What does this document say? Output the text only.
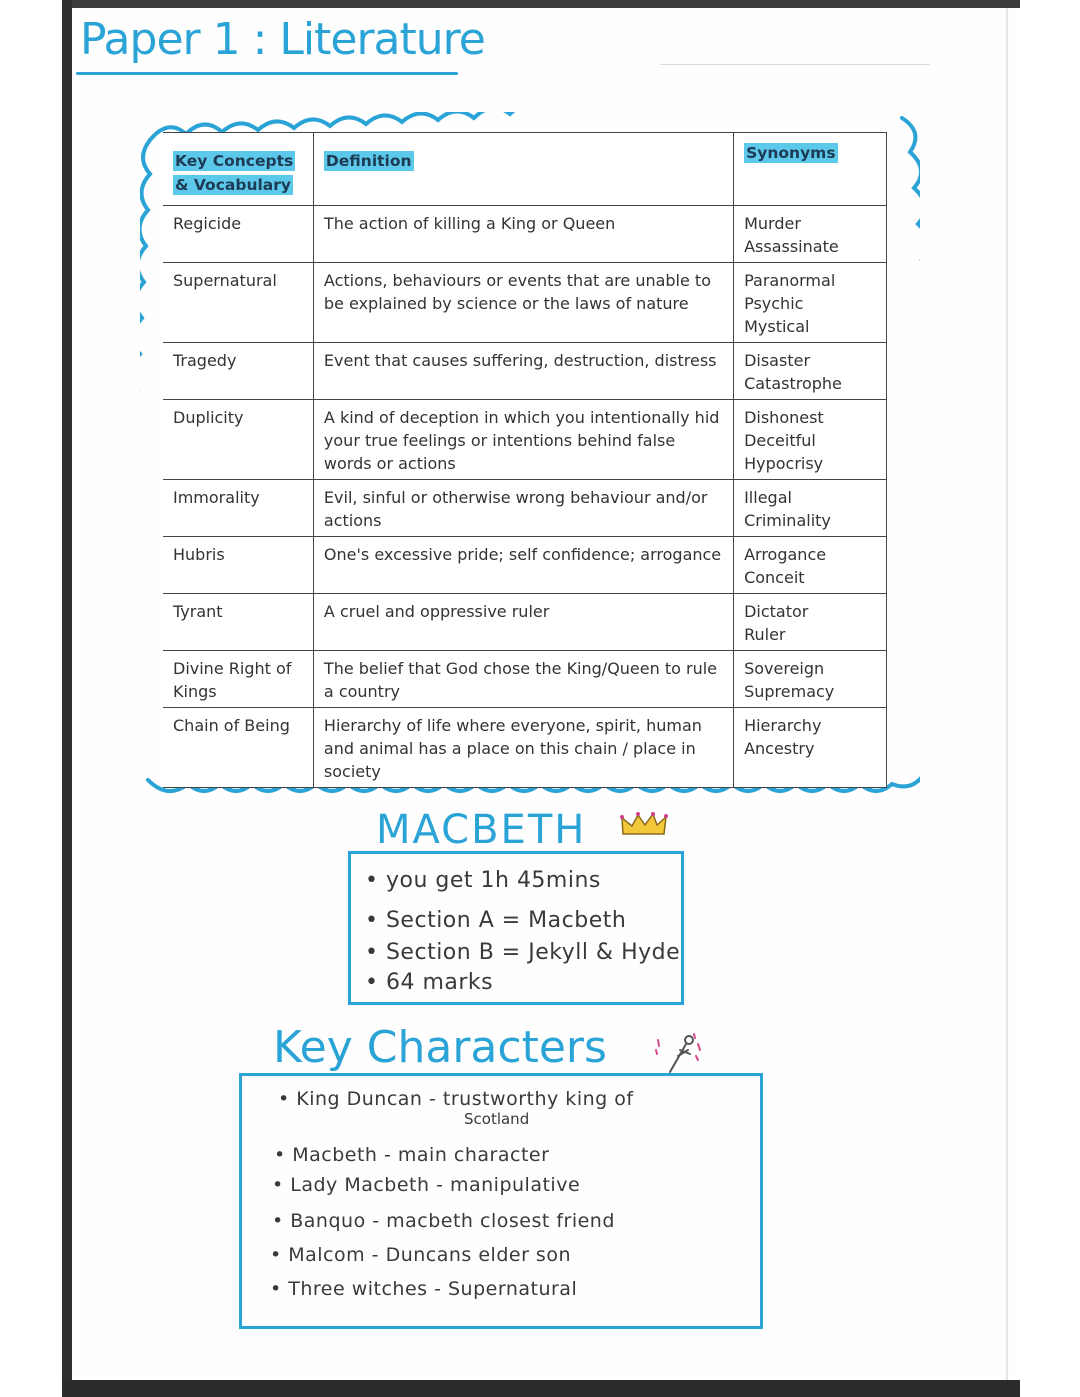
Paper 1 : Literature
Key Concepts
& Vocabulary	Definition	Synonyms
Regicide	The action of killing a King or Queen	Murder
Assassinate

Supernatural	Actions, behaviours or events that are unable to be explained by science or the laws of nature	Paranormal
Psychic
Mystical

Tragedy	Event that causes suffering, destruction, distress	Disaster
Catastrophe

Duplicity	A kind of deception in which you intentionally hid your true feelings or intentions behind false words or actions	Dishonest
Deceitful
Hypocrisy

Immorality	Evil, sinful or otherwise wrong behaviour and/or actions	Illegal
Criminality

Hubris	One's excessive pride; self confidence; arrogance	Arrogance
Conceit

Tyrant	A cruel and oppressive ruler	Dictator
Ruler

Divine Right of Kings	The belief that God chose the King/Queen to rule a country	Sovereign
Supremacy

Chain of Being	Hierarchy of life where everyone, spirit, human and animal has a place on this chain / place in society	Hierarchy
Ancestry
MACBETH
• you get 1h 45mins
• Section A = Macbeth
• Section B = Jekyll & Hyde
• 64 marks
Key Characters
• King Duncan - trustworthy king of
Scotland
• Macbeth - main character
• Lady Macbeth - manipulative
• Banquo - macbeth closest friend
• Malcom - Duncans elder son
• Three witches - Supernatural
